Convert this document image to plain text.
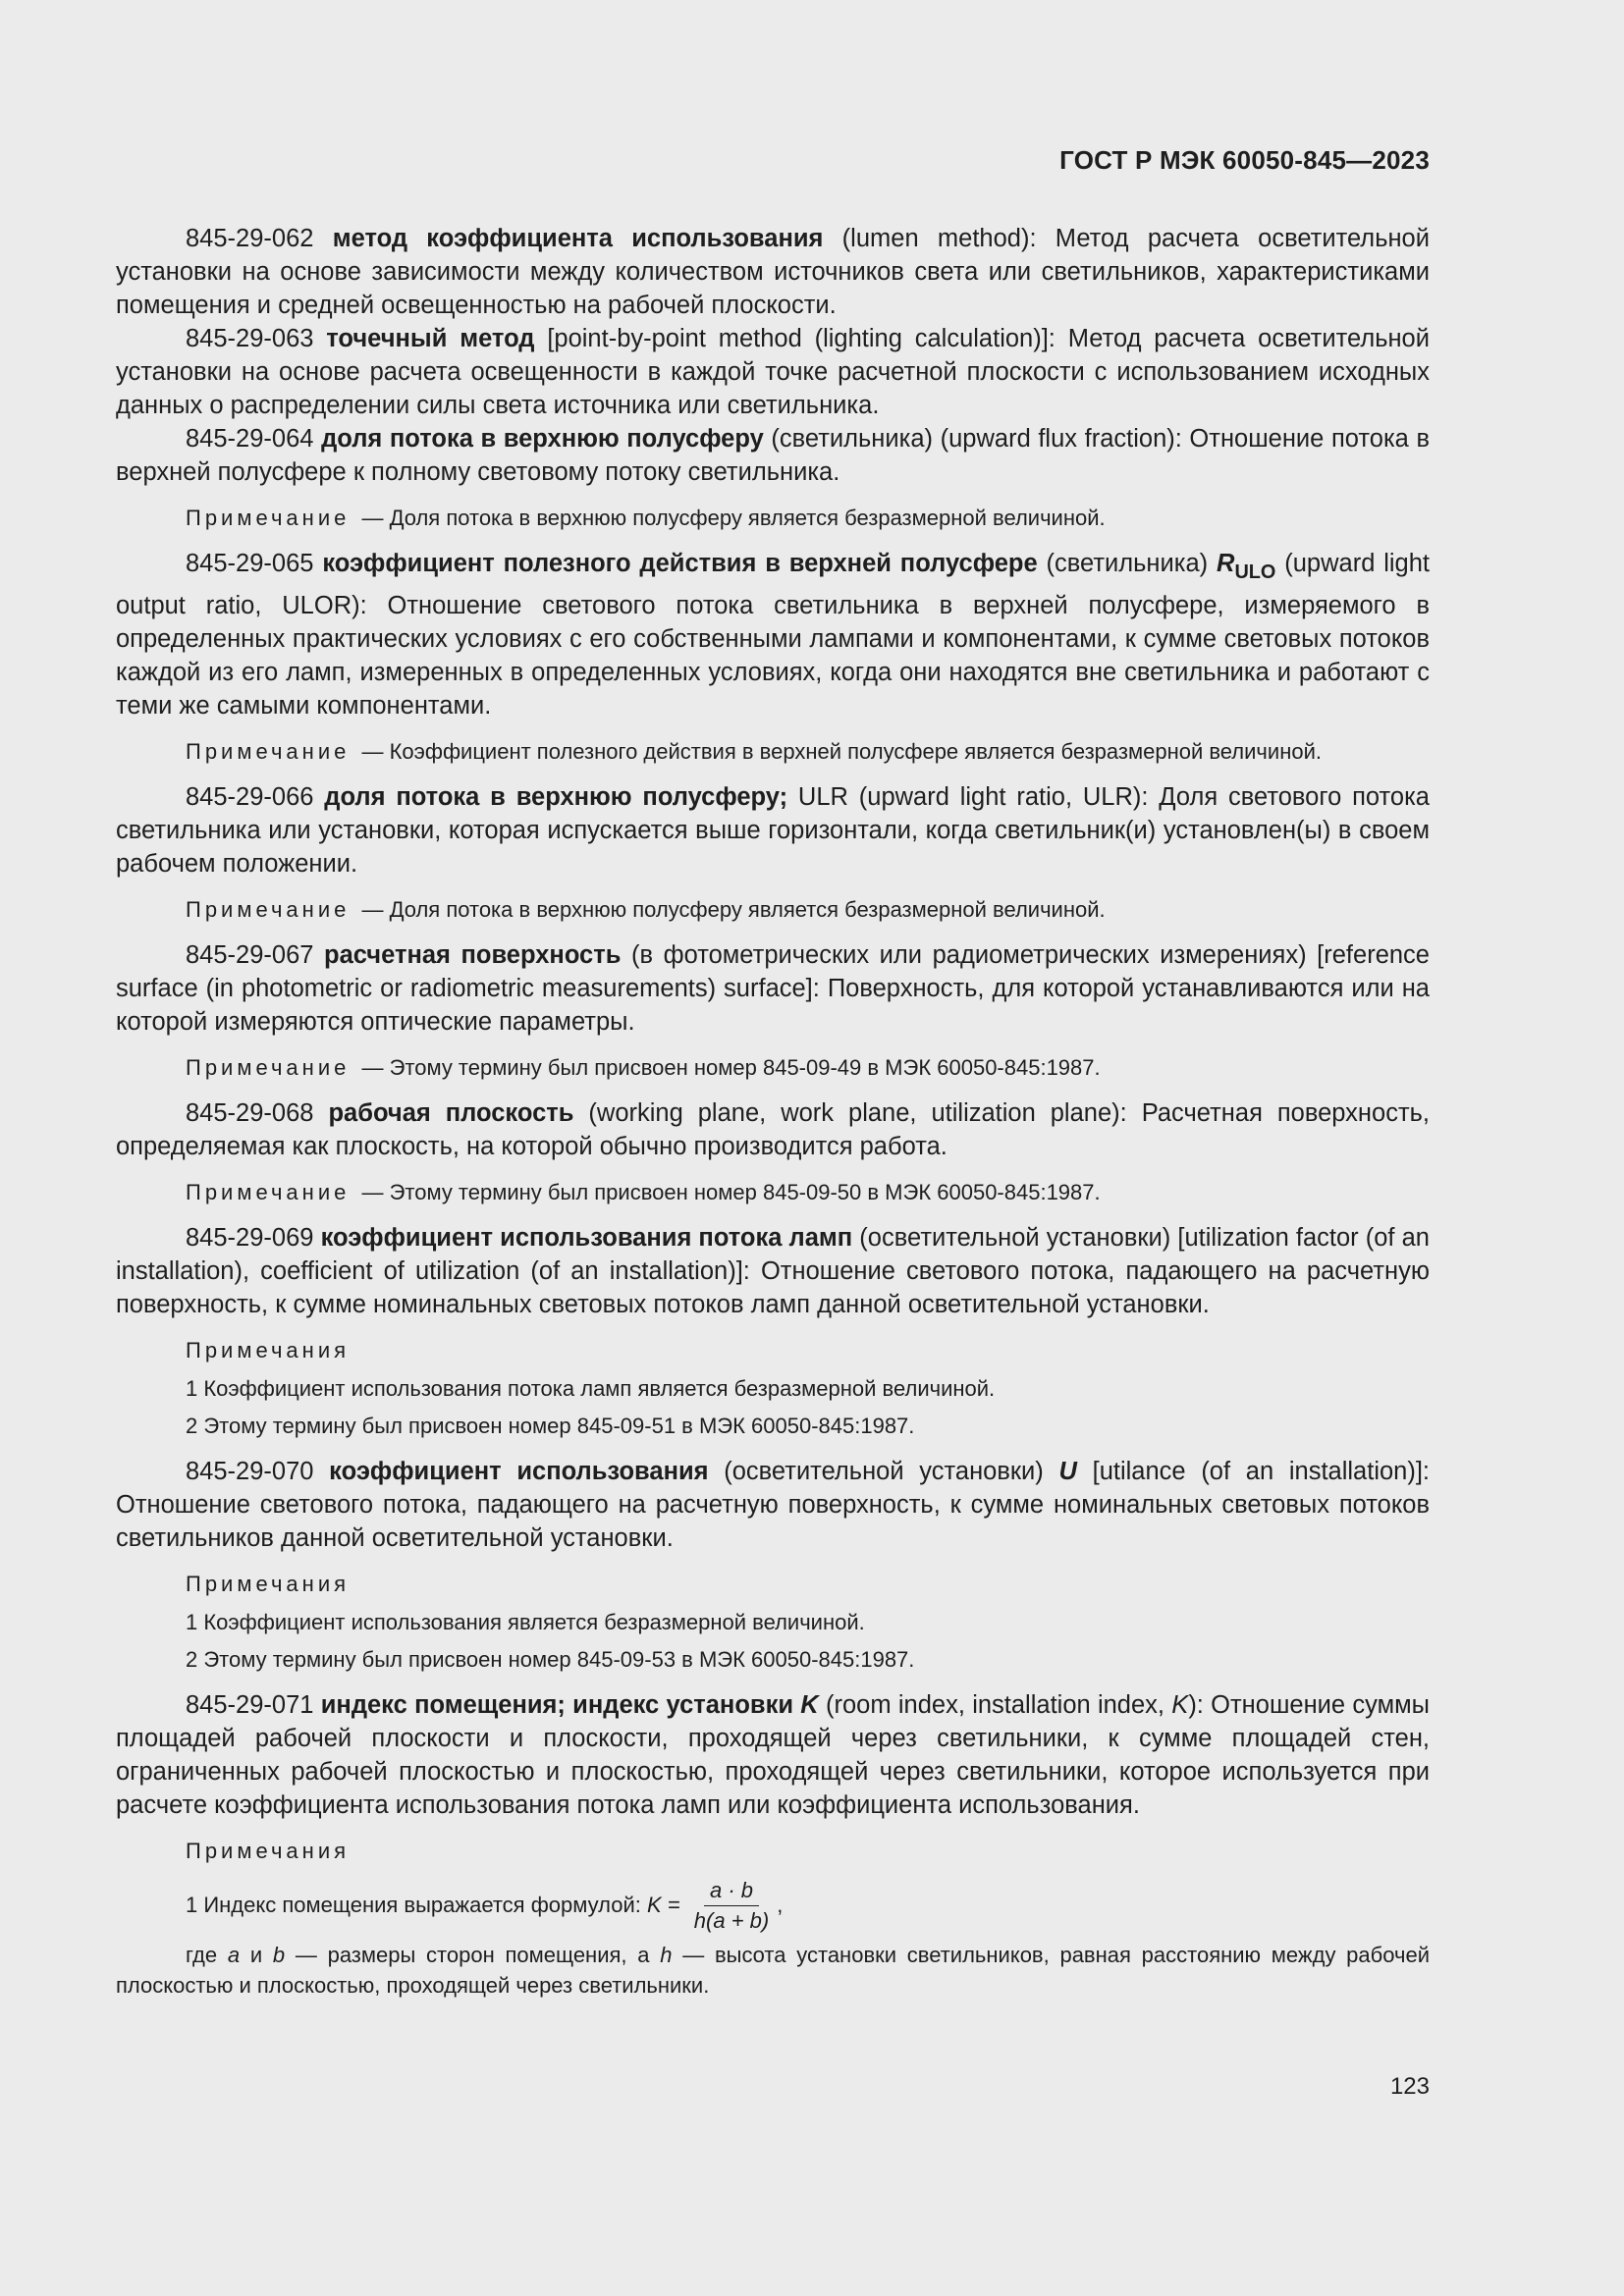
ГОСТ Р МЭК 60050-845—2023

845-29-062 метод коэффициента использования (lumen method): Метод расчета осветительной установки на основе зависимости между количеством источников света или светильников, характеристиками помещения и средней освещенностью на рабочей плоскости.

845-29-063 точечный метод [point-by-point method (lighting calculation)]: Метод расчета осветительной установки на основе расчета освещенности в каждой точке расчетной плоскости с использованием исходных данных о распределении силы света источника или светильника.

845-29-064 доля потока в верхнюю полусферу (светильника) (upward flux fraction): Отношение потока в верхней полусфере к полному световому потоку светильника.

Примечание — Доля потока в верхнюю полусферу является безразмерной величиной.

845-29-065 коэффициент полезного действия в верхней полусфере (светильника) $R_{ULO}$ (upward light output ratio, ULOR): Отношение светового потока светильника в верхней полусфере, измеряемого в определенных практических условиях с его собственными лампами и компонентами, к сумме световых потоков каждой из его ламп, измеренных в определенных условиях, когда они находятся вне светильника и работают с теми же самыми компонентами.

Примечание — Коэффициент полезного действия в верхней полусфере является безразмерной величиной.

845-29-066 доля потока в верхнюю полусферу; ULR (upward light ratio, ULR): Доля светового потока светильника или установки, которая испускается выше горизонтали, когда светильник(и) установлен(ы) в своем рабочем положении.

Примечание — Доля потока в верхнюю полусферу является безразмерной величиной.

845-29-067 расчетная поверхность (в фотометрических или радиометрических измерениях) [reference surface (in photometric or radiometric measurements) surface]: Поверхность, для которой устанавливаются или на которой измеряются оптические параметры.

Примечание — Этому термину был присвоен номер 845-09-49 в МЭК 60050-845:1987.

845-29-068 рабочая плоскость (working plane, work plane, utilization plane): Расчетная поверхность, определяемая как плоскость, на которой обычно производится работа.

Примечание — Этому термину был присвоен номер 845-09-50 в МЭК 60050-845:1987.

845-29-069 коэффициент использования потока ламп (осветительной установки) [utilization factor (of an installation), coefficient of utilization (of an installation)]: Отношение светового потока, падающего на расчетную поверхность, к сумме номинальных световых потоков ламп данной осветительной установки.

Примечания

1 Коэффициент использования потока ламп является безразмерной величиной.

2 Этому термину был присвоен номер 845-09-51 в МЭК 60050-845:1987.

845-29-070 коэффициент использования (осветительной установки) U [utilance (of an installation)]: Отношение светового потока, падающего на расчетную поверхность, к сумме номинальных световых потоков светильников данной осветительной установки.

Примечания

1 Коэффициент использования является безразмерной величиной.

2 Этому термину был присвоен номер 845-09-53 в МЭК 60050-845:1987.

845-29-071 индекс помещения; индекс установки K (room index, installation index, K): Отношение суммы площадей рабочей плоскости и плоскости, проходящей через светильники, к сумме площадей стен, ограниченных рабочей плоскостью и плоскостью, проходящей через светильники, которое используется при расчете коэффициента использования потока ламп или коэффициента использования.

Примечания

1 Индекс помещения выражается формулой:
K =
$\frac{a \cdot b}{h(a + b)}$ ,

где a и b — размеры сторон помещения, а h — высота установки светильников, равная расстоянию между рабочей плоскостью и плоскостью, проходящей через светильники.

123
